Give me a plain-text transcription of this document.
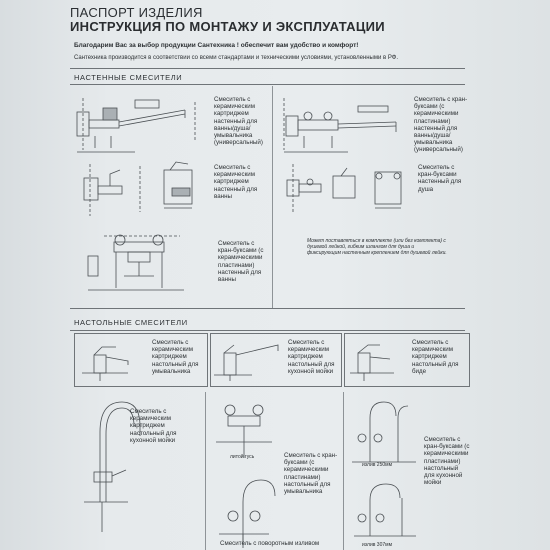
ПАСПОРТ ИЗДЕЛИЯ
ИНСТРУКЦИЯ ПО МОНТАЖУ И ЭКСПЛУАТАЦИИ
Благодарим Вас за выбор продукции Сантехника ! обеспечит вам удобство и комфорт!
Сантехника производится в соответствии со всеми стандартами и техническими условиями, установленными в РФ.
НАСТЕННЫЕ СМЕСИТЕЛИ
Смеситель с керамическим картриджем настенный для ванны/душа/ умывальника (универсальный)
Смеситель с кран-буксами (с керамическими пластинами) настенный для ванны/душа/ умывальника (универсальный)
Смеситель с керамическим картриджем настенный для ванны
Смеситель с кран-буксами настенный для душа
Смеситель с кран-буксами (с керамическими пластинами) настенный для ванны
Может поставляться в комплекте (или без комплекта) с душевой лейкой, гибким шлангом для душа и фиксирующим настенным креплением для душевой лейки.
НАСТОЛЬНЫЕ СМЕСИТЕЛИ
Смеситель с керамическим картриджем настольный для умывальника
Смеситель с керамическим картриджем настольный для кухонной мойки
Смеситель с керамическим картриджем настольный для биде
Смеситель с керамическим картриджем настольный для кухонной мойки
литой гусь	Смеситель с кран-буксами (с керамическими пластинами) настольный для умывальника
Смеситель с поворотным изливом
излив 250мм
Смеситель с кран-буксами (с керамическими пластинами) настольный для кухонной мойки
излив 307мм
